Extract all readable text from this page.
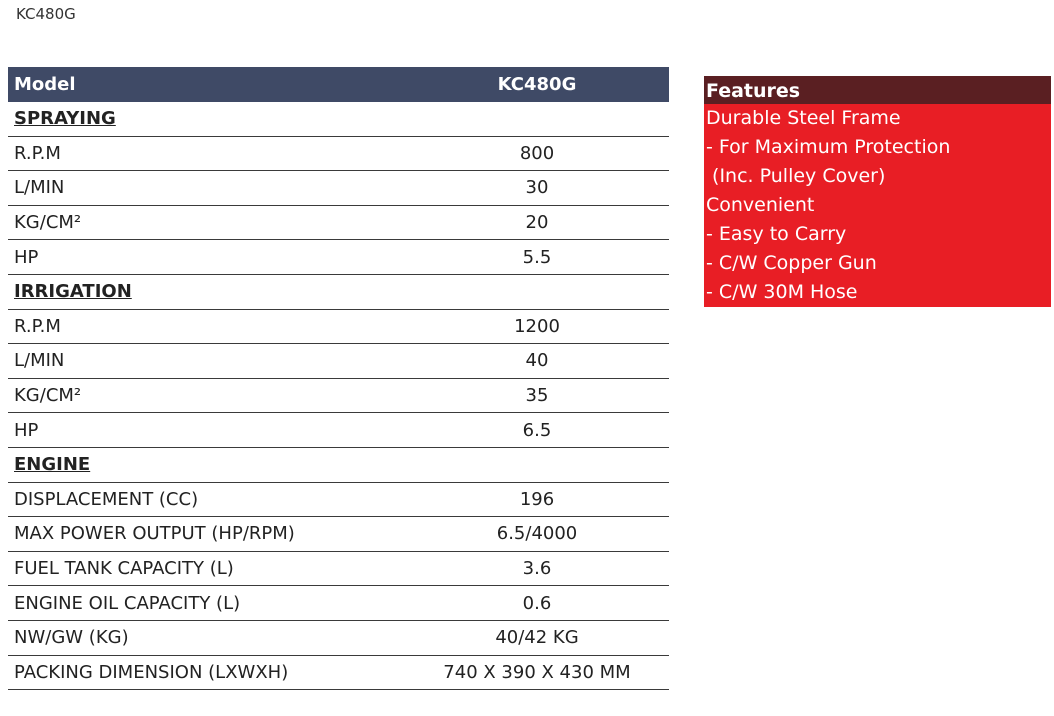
KC480G
Model	KC480G
SPRAYING
R.P.M	800
L/MIN	30
KG/CM²	20
HP	5.5
IRRIGATION
R.P.M	1200
L/MIN	40
KG/CM²	35
HP	6.5
ENGINE
DISPLACEMENT (CC)	196
MAX POWER OUTPUT (HP/RPM)	6.5/4000
FUEL TANK CAPACITY (L)	3.6
ENGINE OIL CAPACITY (L)	0.6
NW/GW (KG)	40/42 KG
PACKING DIMENSION (LXWXH)	740 X 390 X 430 MM
Features
Durable Steel Frame
- For Maximum Protection
(Inc. Pulley Cover)
Convenient
- Easy to Carry
- C/W Copper Gun
- C/W 30M Hose
